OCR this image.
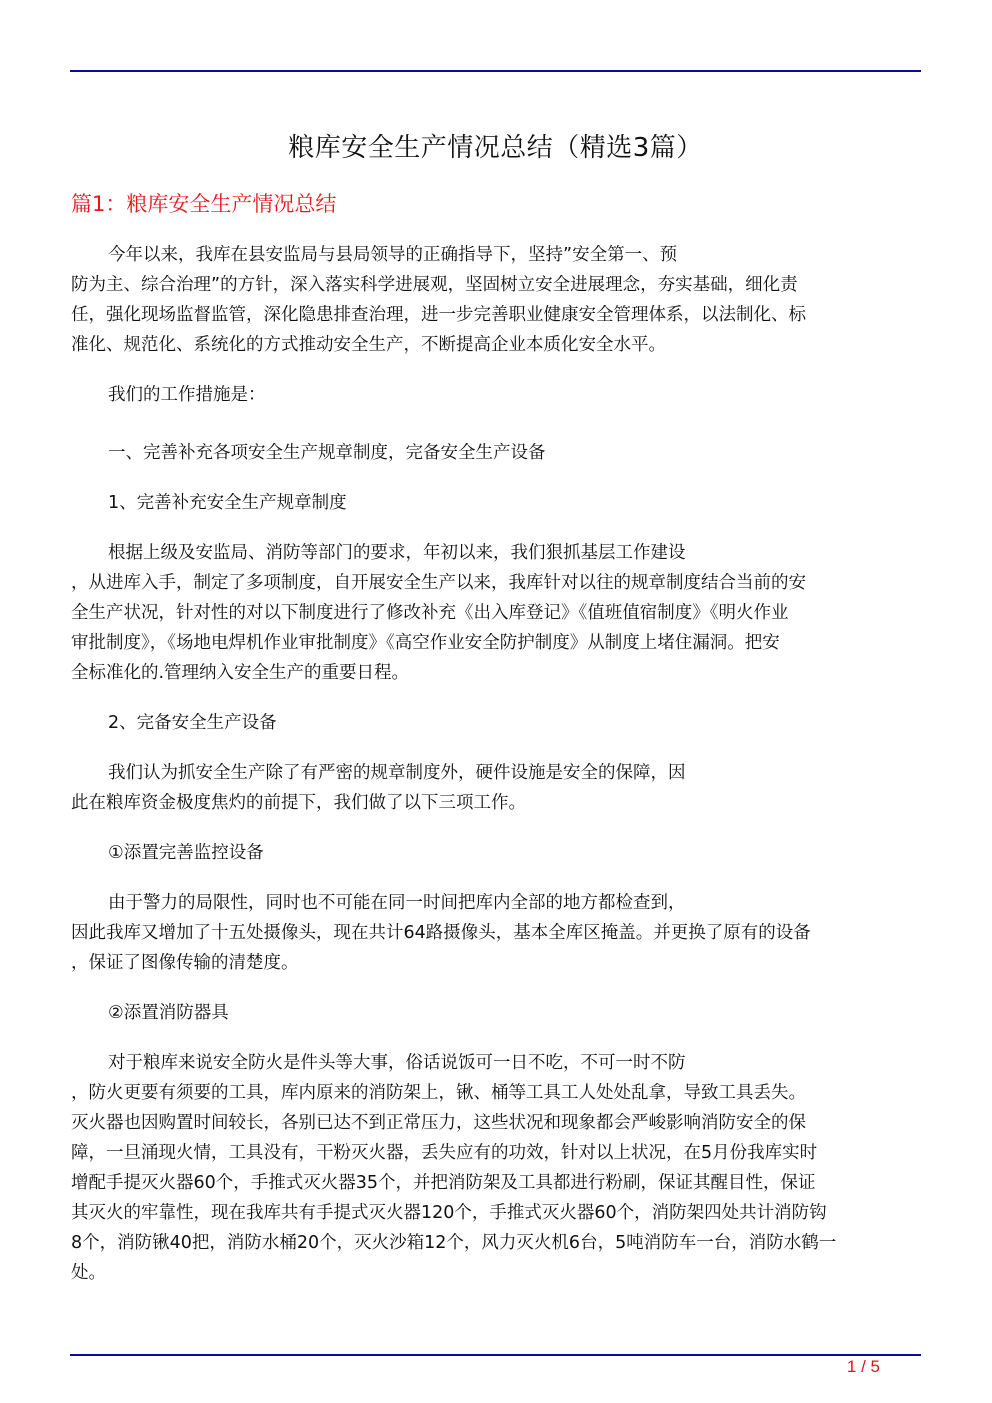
粮库安全生产情况总结（精选3篇）
篇1：粮库安全生产情况总结

今年以来，我库在县安监局与县局领导的正确指导下，坚持”安全第一、预
防为主、综合治理”的方针，深入落实科学进展观，坚固树立安全进展理念，夯实基础，细化责
任，强化现场监督监管，深化隐患排查治理，进一步完善职业健康安全管理体系，以法制化、标
准化、规范化、系统化的方式推动安全生产，不断提高企业本质化安全水平。

我们的工作措施是：

一、完善补充各项安全生产规章制度，完备安全生产设备

1、完善补充安全生产规章制度

根据上级及安监局、消防等部门的要求，年初以来，我们狠抓基层工作建设
，从进库入手，制定了多项制度，自开展安全生产以来，我库针对以往的规章制度结合当前的安
全生产状况，针对性的对以下制度进行了修改补充《出入库登记》《值班值宿制度》《明火作业
审批制度》，《场地电焊机作业审批制度》《高空作业安全防护制度》从制度上堵住漏洞。把安
全标准化的.管理纳入安全生产的重要日程。

2、完备安全生产设备

我们认为抓安全生产除了有严密的规章制度外，硬件设施是安全的保障，因
此在粮库资金极度焦灼的前提下，我们做了以下三项工作。

①添置完善监控设备

由于警力的局限性，同时也不可能在同一时间把库内全部的地方都检查到，
因此我库又增加了十五处摄像头，现在共计64路摄像头，基本全库区掩盖。并更换了原有的设备
，保证了图像传输的清楚度。

②添置消防器具

对于粮库来说安全防火是件头等大事，俗话说饭可一日不吃，不可一时不防
，防火更要有须要的工具，库内原来的消防架上，锹、桶等工具工人处处乱拿，导致工具丢失。
灭火器也因购置时间较长，各别已达不到正常压力，这些状况和现象都会严峻影响消防安全的保
障，一旦涌现火情，工具没有，干粉灭火器，丢失应有的功效，针对以上状况，在5月份我库实时
增配手提灭火器60个，手推式灭火器35个，并把消防架及工具都进行粉刷，保证其醒目性，保证
其灭火的牢靠性，现在我库共有手提式灭火器120个，手推式灭火器60个，消防架四处共计消防钩
8个，消防锹40把，消防水桶20个，灭火沙箱12个，风力灭火机6台，5吨消防车一台，消防水鹤一
处。

1 / 5
